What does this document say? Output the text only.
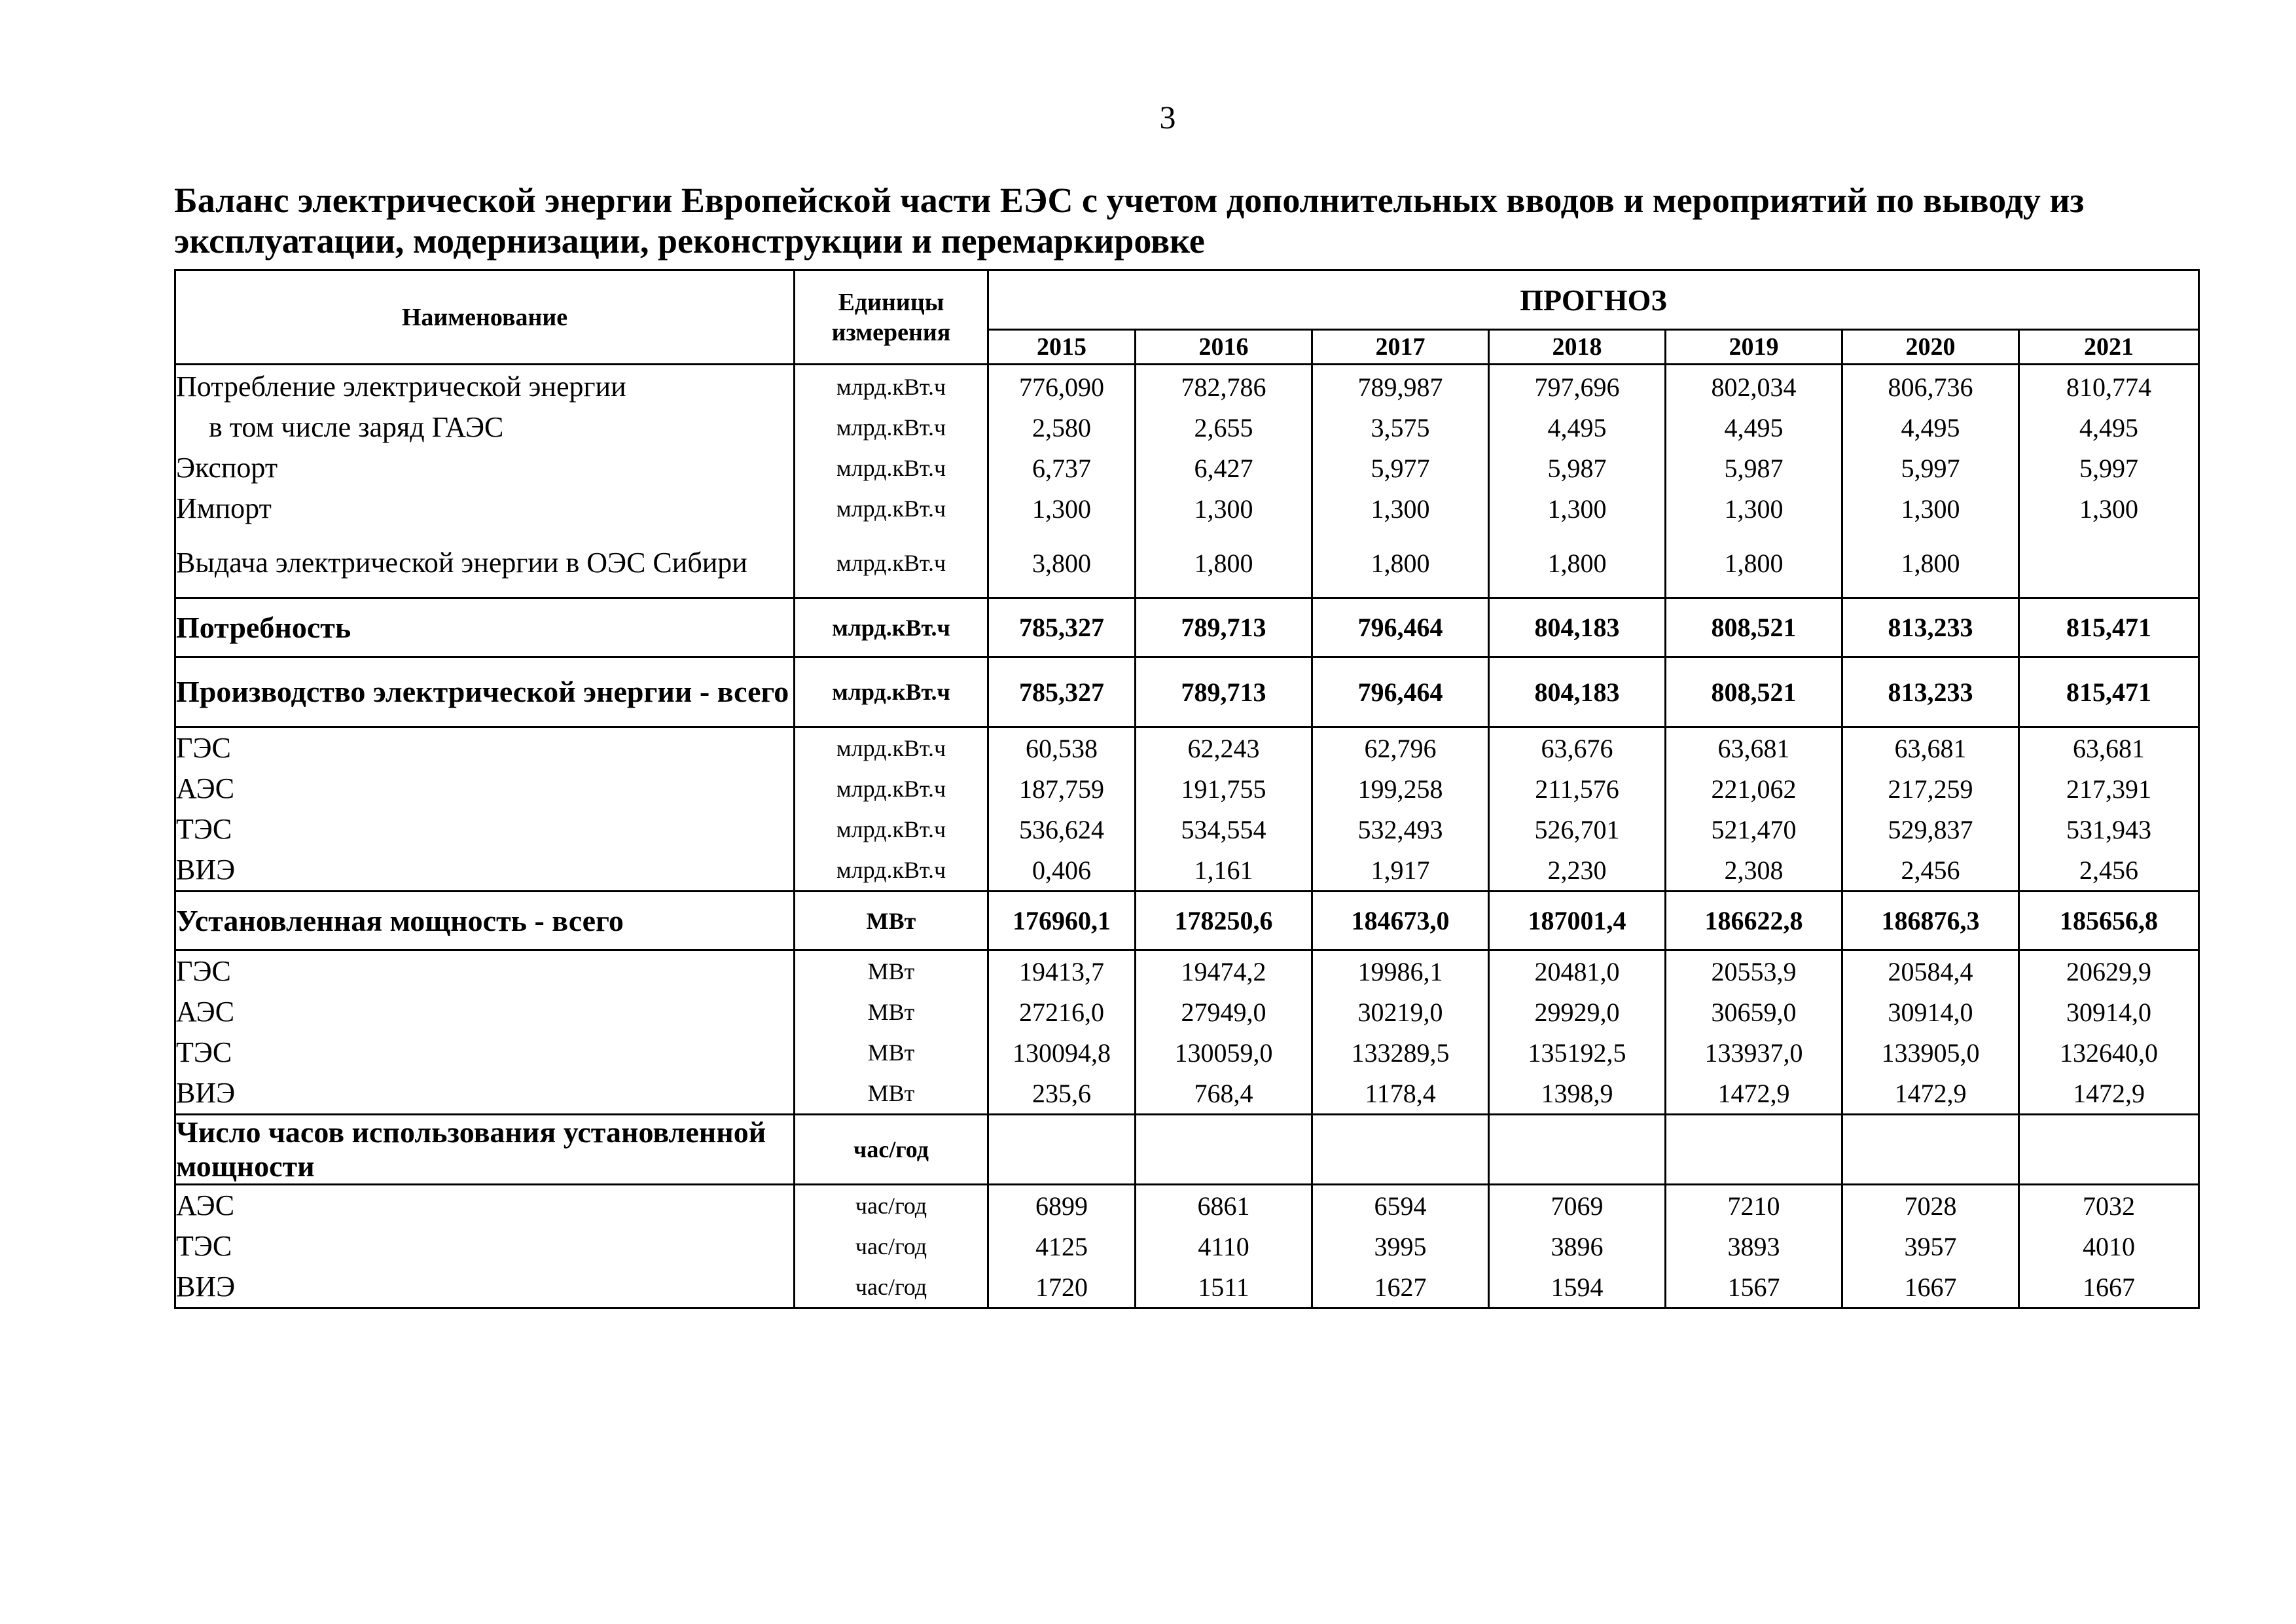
3
Баланс электрической энергии Европейской части ЕЭС с учетом дополнительных вводов и мероприятий по выводу из эксплуатации, модернизации, реконструкции и перемаркировке
Наименование	Единицы измерения	ПРОГНОЗ						
		2015	2016	2017	2018	2019	2020	2021
Потребление электрической энергии	млрд.кВт.ч	776,090	782,786	789,987	797,696	802,034	806,736	810,774
в том числе заряд ГАЭС	млрд.кВт.ч	2,580	2,655	3,575	4,495	4,495	4,495	4,495
Экспорт	млрд.кВт.ч	6,737	6,427	5,977	5,987	5,987	5,997	5,997
Импорт	млрд.кВт.ч	1,300	1,300	1,300	1,300	1,300	1,300	1,300
Выдача электрической энергии в ОЭС Сибири	млрд.кВт.ч	3,800	1,800	1,800	1,800	1,800	1,800	
Потребность	млрд.кВт.ч	785,327	789,713	796,464	804,183	808,521	813,233	815,471
Производство электрической энергии - всего	млрд.кВт.ч	785,327	789,713	796,464	804,183	808,521	813,233	815,471
ГЭС	млрд.кВт.ч	60,538	62,243	62,796	63,676	63,681	63,681	63,681
АЭС	млрд.кВт.ч	187,759	191,755	199,258	211,576	221,062	217,259	217,391
ТЭС	млрд.кВт.ч	536,624	534,554	532,493	526,701	521,470	529,837	531,943
ВИЭ	млрд.кВт.ч	0,406	1,161	1,917	2,230	2,308	2,456	2,456
Установленная мощность - всего	МВт	176960,1	178250,6	184673,0	187001,4	186622,8	186876,3	185656,8
ГЭС	МВт	19413,7	19474,2	19986,1	20481,0	20553,9	20584,4	20629,9
АЭС	МВт	27216,0	27949,0	30219,0	29929,0	30659,0	30914,0	30914,0
ТЭС	МВт	130094,8	130059,0	133289,5	135192,5	133937,0	133905,0	132640,0
ВИЭ	МВт	235,6	768,4	1178,4	1398,9	1472,9	1472,9	1472,9
Число часов использования установленной мощности	час/год							
АЭС	час/год	6899	6861	6594	7069	7210	7028	7032
ТЭС	час/год	4125	4110	3995	3896	3893	3957	4010
ВИЭ	час/год	1720	1511	1627	1594	1567	1667	1667
